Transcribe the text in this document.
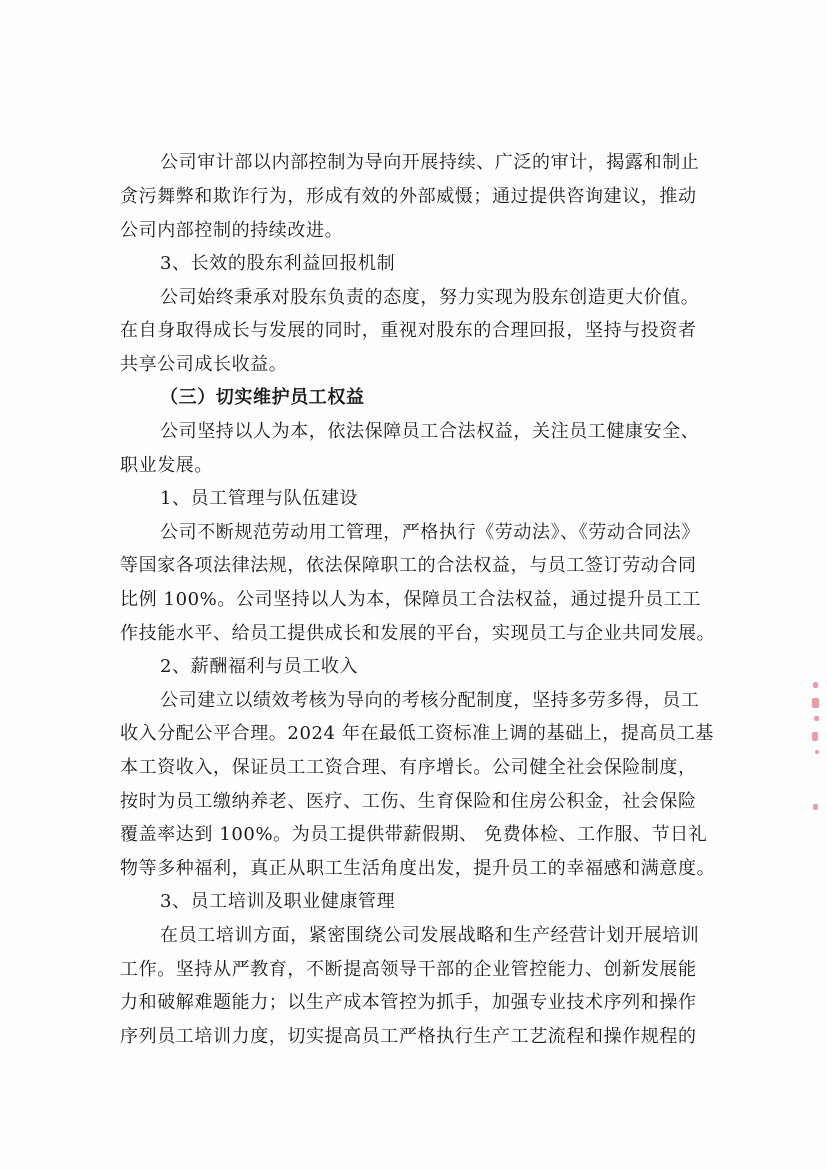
公司审计部以内部控制为导向开展持续、广泛的审计，揭露和制止
贪污舞弊和欺诈行为，形成有效的外部威慑；通过提供咨询建议，推动
公司内部控制的持续改进。
3、长效的股东利益回报机制
公司始终秉承对股东负责的态度，努力实现为股东创造更大价值。
在自身取得成长与发展的同时，重视对股东的合理回报，坚持与投资者
共享公司成长收益。
（三）切实维护员工权益
公司坚持以人为本，依法保障员工合法权益，关注员工健康安全、
职业发展。
1、员工管理与队伍建设
公司不断规范劳动用工管理，严格执行《劳动法》、《劳动合同法》
等国家各项法律法规，依法保障职工的合法权益，与员工签订劳动合同
比例 100%。公司坚持以人为本，保障员工合法权益，通过提升员工工
作技能水平、给员工提供成长和发展的平台，实现员工与企业共同发展。
2、薪酬福利与员工收入
公司建立以绩效考核为导向的考核分配制度，坚持多劳多得，员工
收入分配公平合理。2024 年在最低工资标准上调的基础上，提高员工基
本工资收入，保证员工工资合理、有序增长。公司健全社会保险制度，
按时为员工缴纳养老、医疗、工伤、生育保险和住房公积金，社会保险
覆盖率达到 100%。为员工提供带薪假期、 免费体检、工作服、节日礼
物等多种福利，真正从职工生活角度出发，提升员工的幸福感和满意度。
3、员工培训及职业健康管理
在员工培训方面，紧密围绕公司发展战略和生产经营计划开展培训
工作。坚持从严教育，不断提高领导干部的企业管控能力、创新发展能
力和破解难题能力；以生产成本管控为抓手，加强专业技术序列和操作
序列员工培训力度，切实提高员工严格执行生产工艺流程和操作规程的
